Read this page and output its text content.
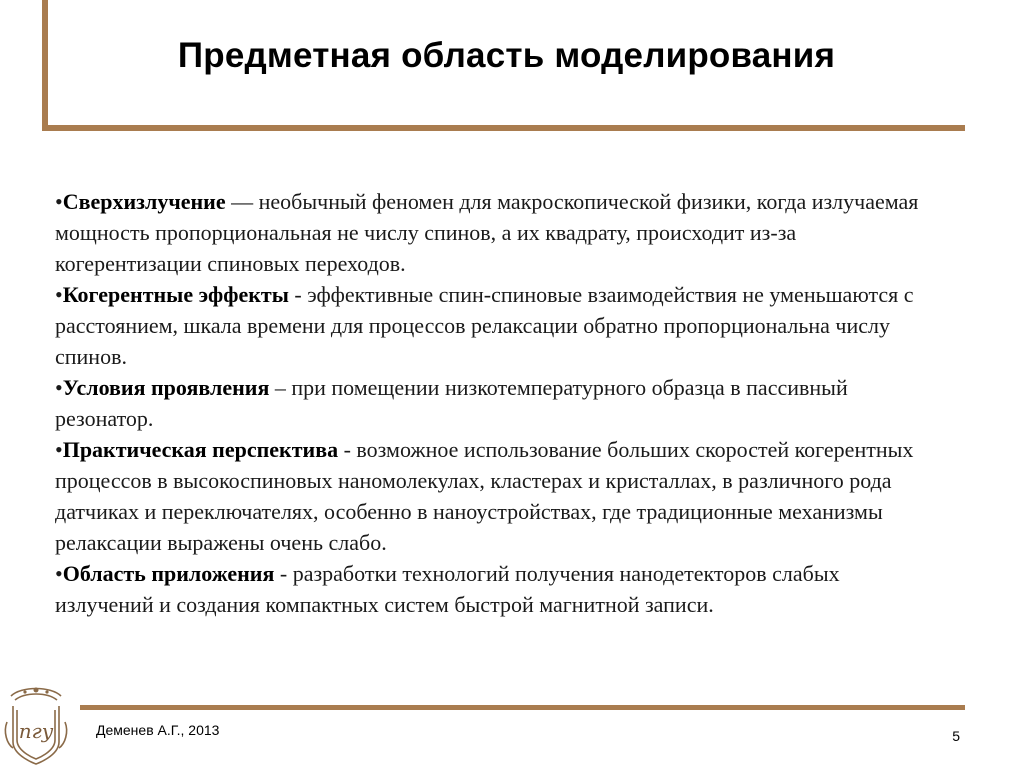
Предметная область моделирования

•Сверхизлучение — необычный феномен для макроскопической физики, когда излучаемая мощность пропорциональная не числу спинов, а их квадрату, происходит из-за когерентизации спиновых переходов.

•Когерентные эффекты - эффективные спин-спиновые взаимодействия не уменьшаются с расстоянием, шкала времени для процессов релаксации обратно пропорциональна числу спинов.

•Условия проявления – при помещении низкотемпературного образца в пассивный резонатор.

•Практическая перспектива - возможное использование больших скоростей когерентных процессов в высокоспиновых наномолекулах, кластерах и кристаллах, в различного рода датчиках и переключателях, особенно в наноустройствах, где традиционные механизмы релаксации выражены очень слабо.

•Область приложения - разработки технологий получения нанодетекторов слабых излучений и создания компактных систем быстрой магнитной записи.

пгу	Деменев А.Г., 2013	5
